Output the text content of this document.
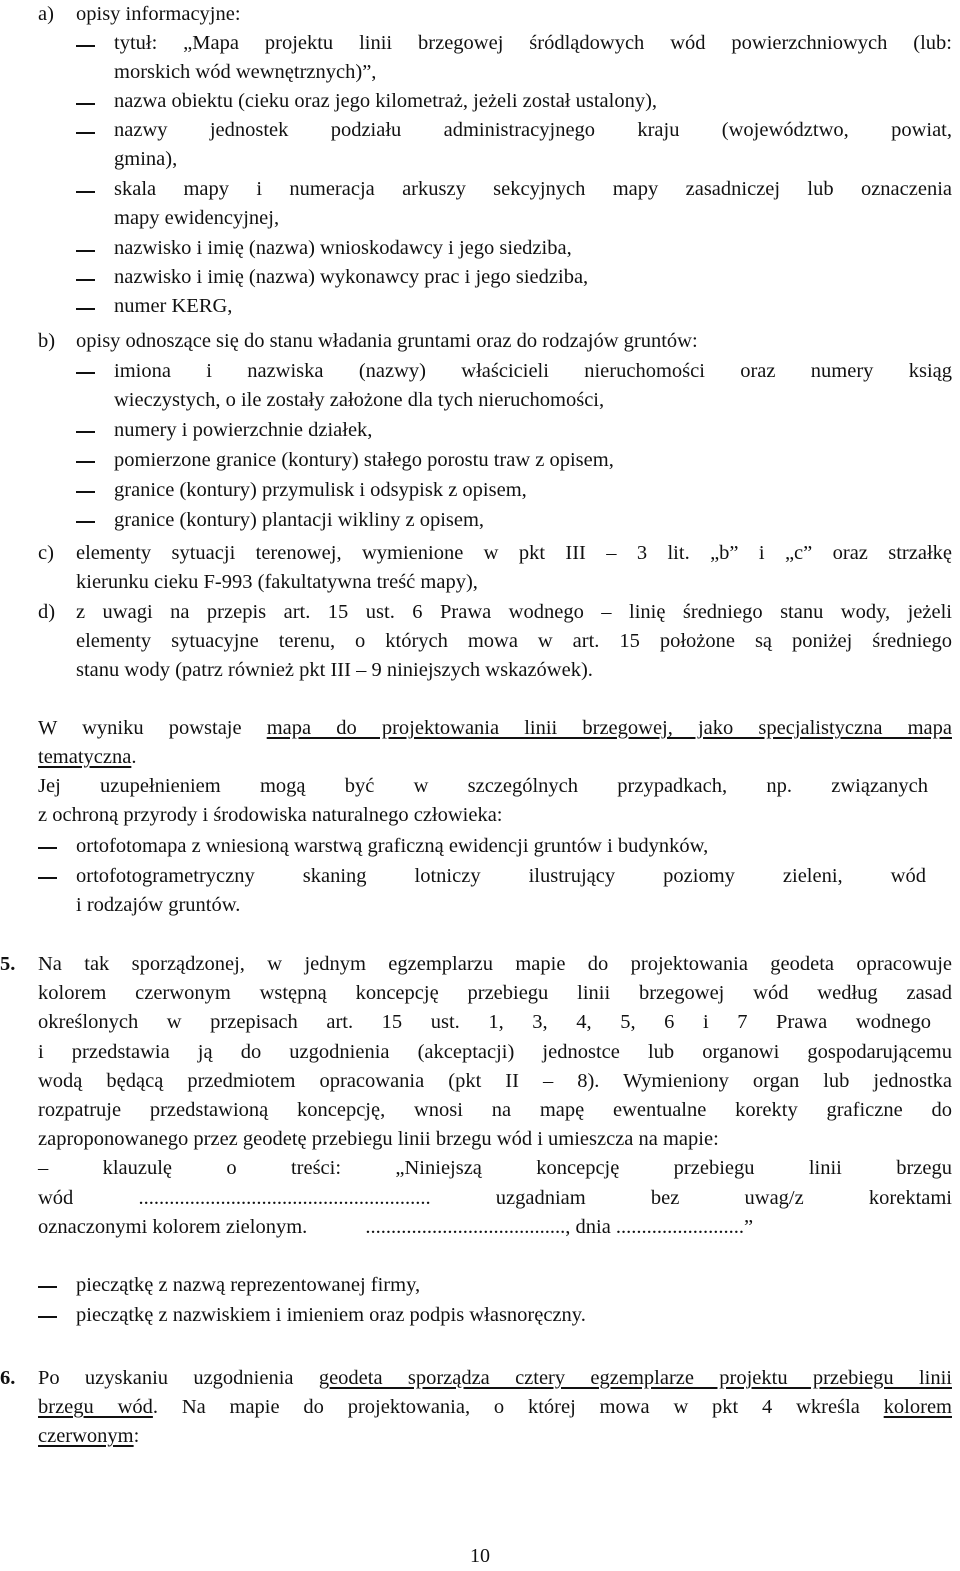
a) opisy informacyjne:
tytuł: „Mapa projektu linii brzegowej śródlądowych wód powierzchniowych (lub:
morskich wód wewnętrznych)”,
nazwa obiektu (cieku oraz jego kilometraż, jeżeli został ustalony),
nazwy jednostek podziału administracyjnego kraju (województwo, powiat,
gmina),
skala mapy i numeracja arkuszy sekcyjnych mapy zasadniczej lub oznaczenia
mapy ewidencyjnej,
nazwisko i imię (nazwa) wnioskodawcy i jego siedziba,
nazwisko i imię (nazwa) wykonawcy prac i jego siedziba,
numer KERG,
b) opisy odnoszące się do stanu władania gruntami oraz do rodzajów gruntów:
imiona i nazwiska (nazwy) właścicieli nieruchomości oraz numery ksiąg
wieczystych, o ile zostały założone dla tych nieruchomości,
numery i powierzchnie działek,
pomierzone granice (kontury) stałego porostu traw z opisem,
granice (kontury) przymulisk i odsypisk z opisem,
granice (kontury) plantacji wikliny z opisem,
c) elementy sytuacji terenowej, wymienione w pkt III – 3 lit. „b” i „c” oraz strzałkę
kierunku cieku F-993 (fakultatywna treść mapy),
d) z uwagi na przepis art. 15 ust. 6 Prawa wodnego – linię średniego stanu wody, jeżeli
elementy sytuacyjne terenu, o których mowa w art. 15 położone są poniżej średniego
stanu wody (patrz również pkt III – 9 niniejszych wskazówek).
W wyniku powstaje mapa do projektowania linii brzegowej, jako specjalistyczna mapa
tematyczna.
Jej uzupełnieniem mogą być w szczególnych przypadkach, np. związanych
z ochroną przyrody i środowiska naturalnego człowieka:
ortofotomapa z wniesioną warstwą graficzną ewidencji gruntów i budynków,
ortofotogrametryczny skaning lotniczy ilustrujący poziomy zieleni, wód
i rodzajów gruntów.
5. Na tak sporządzonej, w jednym egzemplarzu mapie do projektowania geodeta opracowuje
kolorem czerwonym wstępną koncepcję przebiegu linii brzegowej wód według zasad
określonych w przepisach art. 15 ust. 1, 3, 4, 5, 6 i 7 Prawa wodnego
i przedstawia ją do uzgodnienia (akceptacji) jednostce lub organowi gospodarującemu
wodą będącą przedmiotem opracowania (pkt II – 8). Wymieniony organ lub jednostka
rozpatruje przedstawioną koncepcję, wnosi na mapę ewentualne korekty graficzne do
zaproponowanego przez geodetę przebiegu linii brzegu wód i umieszcza na mapie:
– klauzulę o treści: „Niniejszą koncepcję przebiegu linii brzegu
wód ......................................................... uzgadniam bez uwag/z korektami
oznaczonymi kolorem zielonym.	......................................., dnia .........................”
pieczątkę z nazwą reprezentowanej firmy,
pieczątkę z nazwiskiem i imieniem oraz podpis własnoręczny.
6. Po uzyskaniu uzgodnienia geodeta sporządza cztery egzemplarze projektu przebiegu linii
brzegu wód. Na mapie do projektowania, o której mowa w pkt 4 wkreśla kolorem
czerwonym:
10
